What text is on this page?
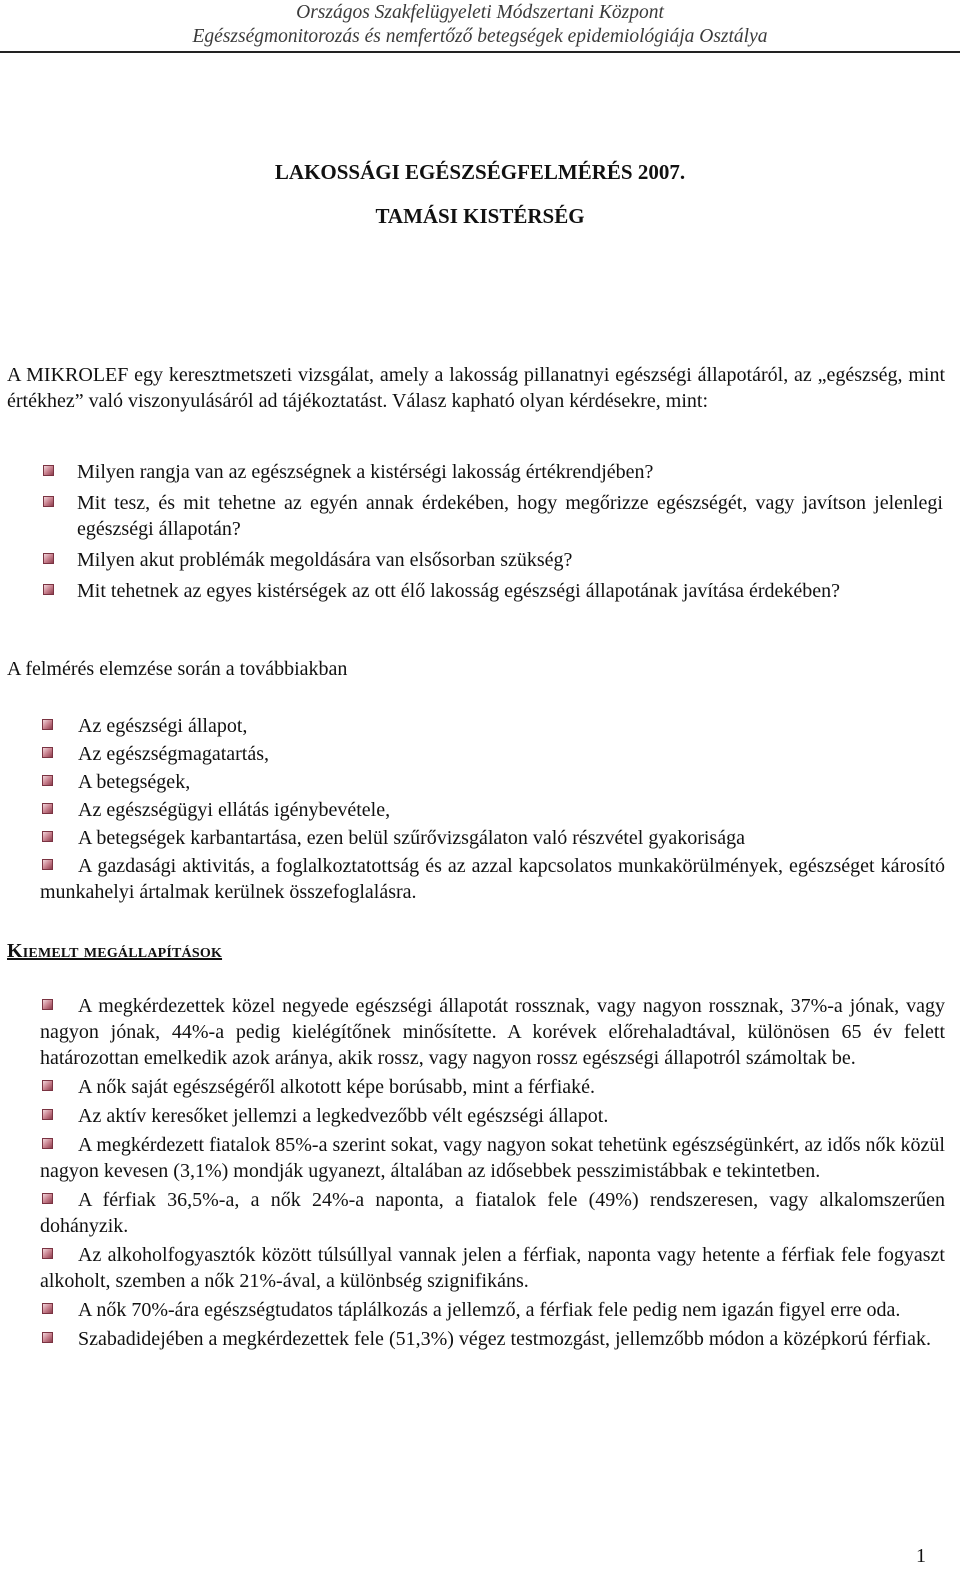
Országos Szakfelügyeleti Módszertani Központ
Egészségmonitorozás és nemfertőző betegségek epidemiológiája Osztálya
LAKOSSÁGI EGÉSZSÉGFELMÉRÉS 2007.
TAMÁSI KISTÉRSÉG
A MIKROLEF egy keresztmetszeti vizsgálat, amely a lakosság pillanatnyi egészségi állapotáról, az „egészség, mint értékhez” való viszonyulásáról ad tájékoztatást. Válasz kapható olyan kérdésekre, mint:
Milyen rangja van az egészségnek a kistérségi lakosság értékrendjében?
Mit tesz, és mit tehetne az egyén annak érdekében, hogy megőrizze egészségét, vagy javítson jelenlegi egészségi állapotán?
Milyen akut problémák megoldására van elsősorban szükség?
Mit tehetnek az egyes kistérségek az ott élő lakosság egészségi állapotának javítása érdekében?
A felmérés elemzése során a továbbiakban
Az egészségi állapot,
Az egészségmagatartás,
A betegségek,
Az egészségügyi ellátás igénybevétele,
A betegségek karbantartása, ezen belül szűrővizsgálaton való részvétel gyakorisága
A gazdasági aktivitás, a foglalkoztatottság és az azzal kapcsolatos munkakörülmények, egészséget károsító munkahelyi ártalmak kerülnek összefoglalásra.
Kiemelt megállapítások
A megkérdezettek közel negyede egészségi állapotát rossznak, vagy nagyon rossznak, 37%-a jónak, vagy nagyon jónak, 44%-a pedig kielégítőnek minősítette. A korévek előrehaladtával, különösen 65 év felett határozottan emelkedik azok aránya, akik rossz, vagy nagyon rossz egészségi állapotról számoltak be.
A nők saját egészségéről alkotott képe borúsabb, mint a férfiaké.
Az aktív keresőket jellemzi a legkedvezőbb vélt egészségi állapot.
A megkérdezett fiatalok 85%-a szerint sokat, vagy nagyon sokat tehetünk egészségünkért, az idős nők közül nagyon kevesen (3,1%) mondják ugyanezt, általában az idősebbek pesszimistábbak e tekintetben.
A férfiak 36,5%-a, a nők 24%-a naponta, a fiatalok fele (49%) rendszeresen, vagy alkalomszerűen dohányzik.
Az alkoholfogyasztók között túlsúllyal vannak jelen a férfiak, naponta vagy hetente a férfiak fele fogyaszt alkoholt, szemben a nők 21%-ával, a különbség szignifikáns.
A nők 70%-ára egészségtudatos táplálkozás a jellemző, a férfiak fele pedig nem igazán figyel erre oda.
Szabadidejében a megkérdezettek fele (51,3%) végez testmozgást, jellemzőbb módon a középkorú férfiak.
1
